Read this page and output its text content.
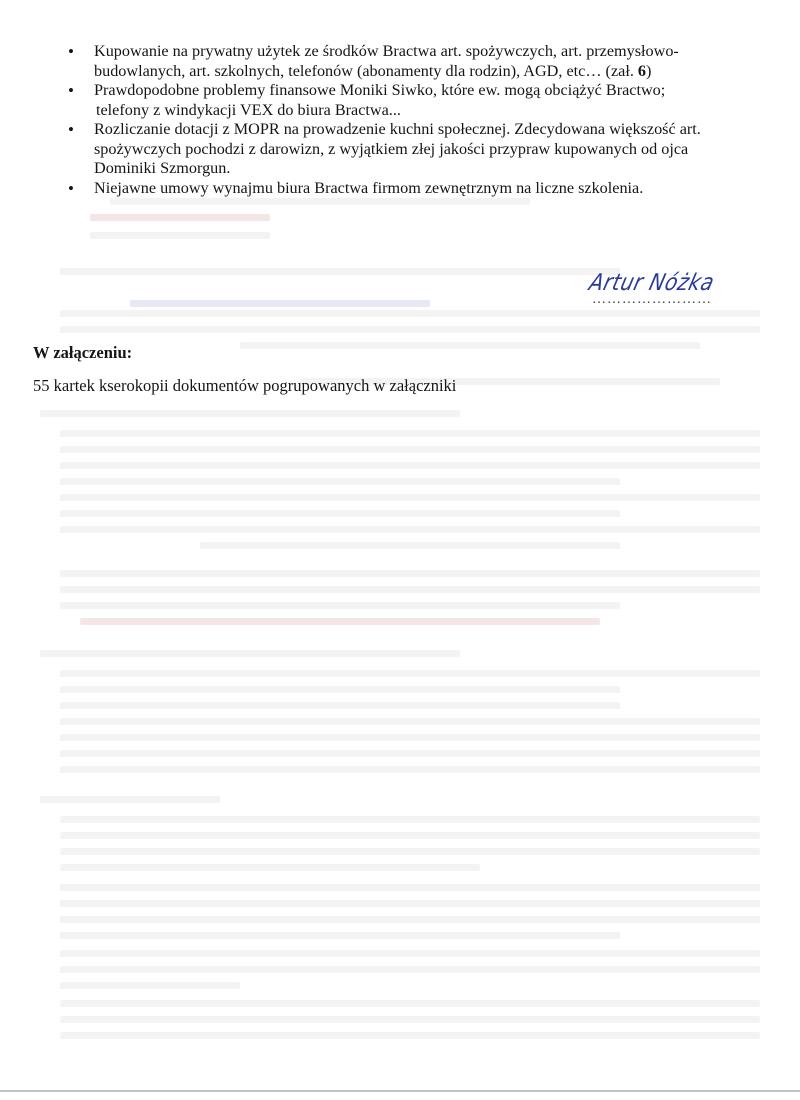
• Kupowanie na prywatny użytek ze środków Bractwa art. spożywczych, art. przemysłowo-
budowlanych, art. szkolnych, telefonów (abonamenty dla rodzin), AGD, etc… (zał. 6)
• Prawdopodobne problemy finansowe Moniki Siwko, które ew. mogą obciążyć Bractwo;
telefony z windykacji VEX do biura Bractwa...
• Rozliczanie dotacji z MOPR na prowadzenie kuchni społecznej. Zdecydowana większość art.
spożywczych pochodzi z darowizn, z wyjątkiem złej jakości przypraw kupowanych od ojca
Dominiki Szmorgun.
• Niejawne umowy wynajmu biura Bractwa firmom zewnętrznym na liczne szkolenia.
Artur Nóżka
……………………
W załączeniu:
55 kartek kserokopii dokumentów pogrupowanych w załączniki
